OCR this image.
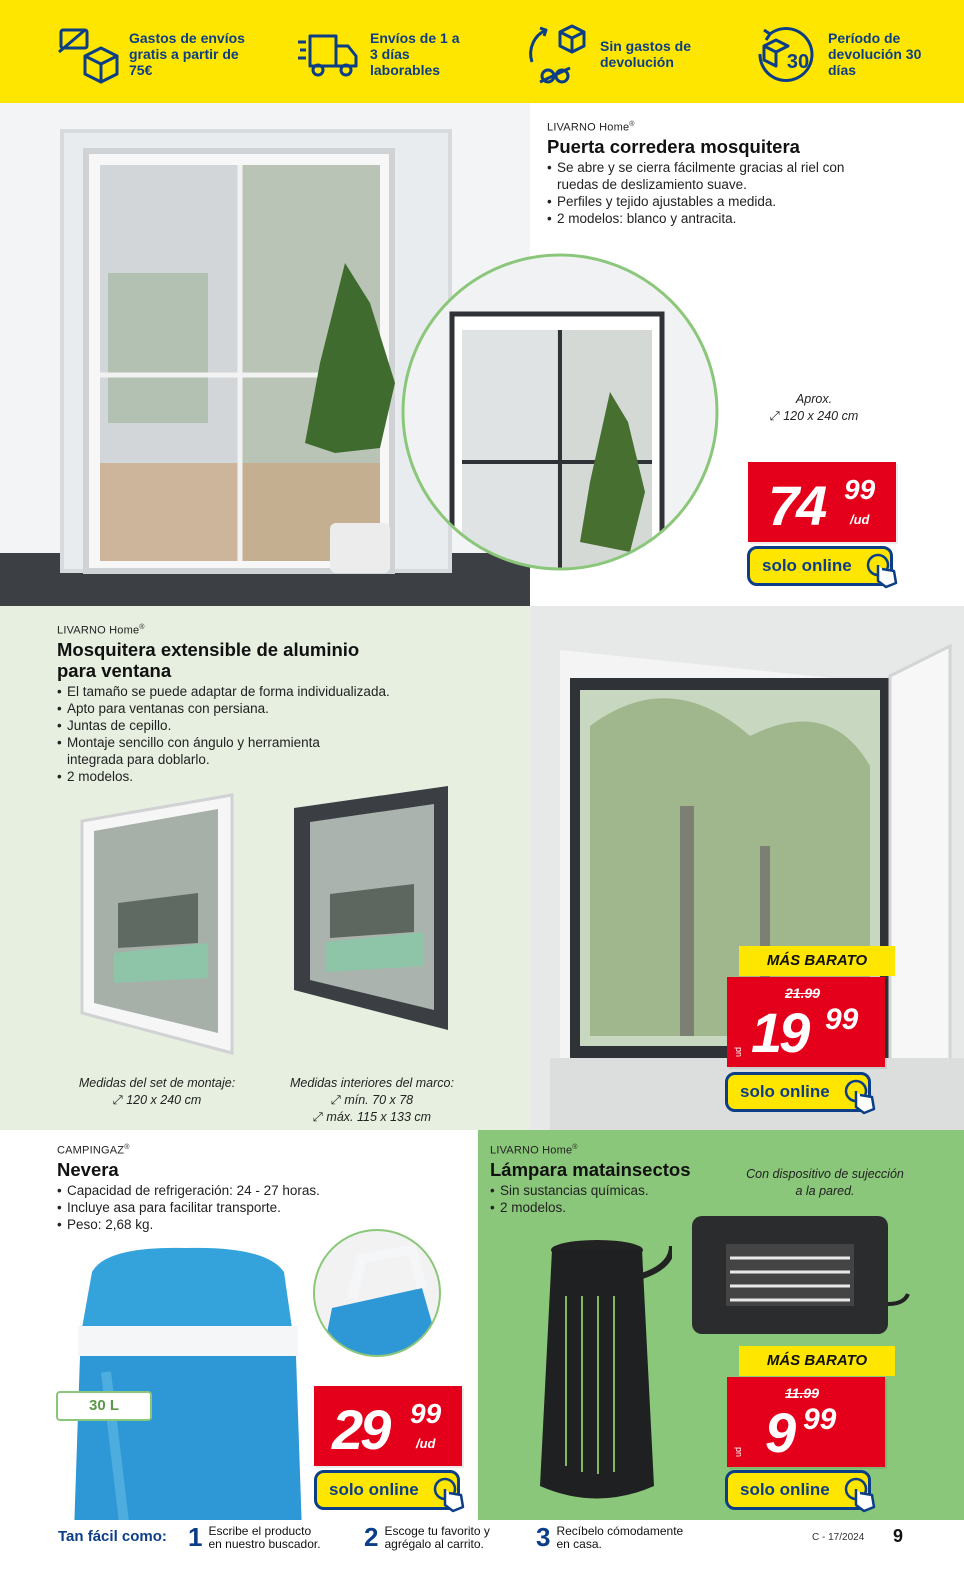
Gastos de envíos gratis a partir de 75€
Envíos de 1 a 3 días laborables
Sin gastos de devolución	30
Período de devolución 30 días
LIVARNO Home®
Puerta corredera mosquitera
• Se abre y se cierra fácilmente gracias al riel con ruedas de deslizamiento suave.
• Perfiles y tejido ajustables a medida.
• 2 modelos: blanco y antracita.
Aprox.
⤢ 120 x 240 cm
74 99
/ud
solo online
LIVARNO Home®
Mosquitera extensible de aluminio
para ventana
• El tamaño se puede adaptar de forma individualizada.
• Apto para ventanas con persiana.
• Juntas de cepillo.
• Montaje sencillo con ángulo y herramienta integrada para doblarlo.
• 2 modelos.
Medidas del set de montaje:
⤢ 120 x 240 cm
Medidas interiores del marco:
⤢ mín. 70 x 78
⤢ máx. 115 x 133 cm
MÁS BARATO
21.99
ud 19 99
solo online
CAMPINGAZ®
Nevera
• Capacidad de refrigeración: 24 - 27 horas.
• Incluye asa para facilitar transporte.
• Peso: 2,68 kg.
30 L	29 99
/ud
solo online
LIVARNO Home®
Lámpara matainsectos
• Sin sustancias químicas.
• 2 modelos.
Con dispositivo de sujección
a la pared.
MÁS BARATO
11.99
ud 9 99
solo online
Tan fácil como: 1 Escribe el producto
en nuestro buscador. 2 Escoge tu favorito y
agrégalo al carrito. 3 Recíbelo cómodamente
en casa.	C - 17/2024 9
